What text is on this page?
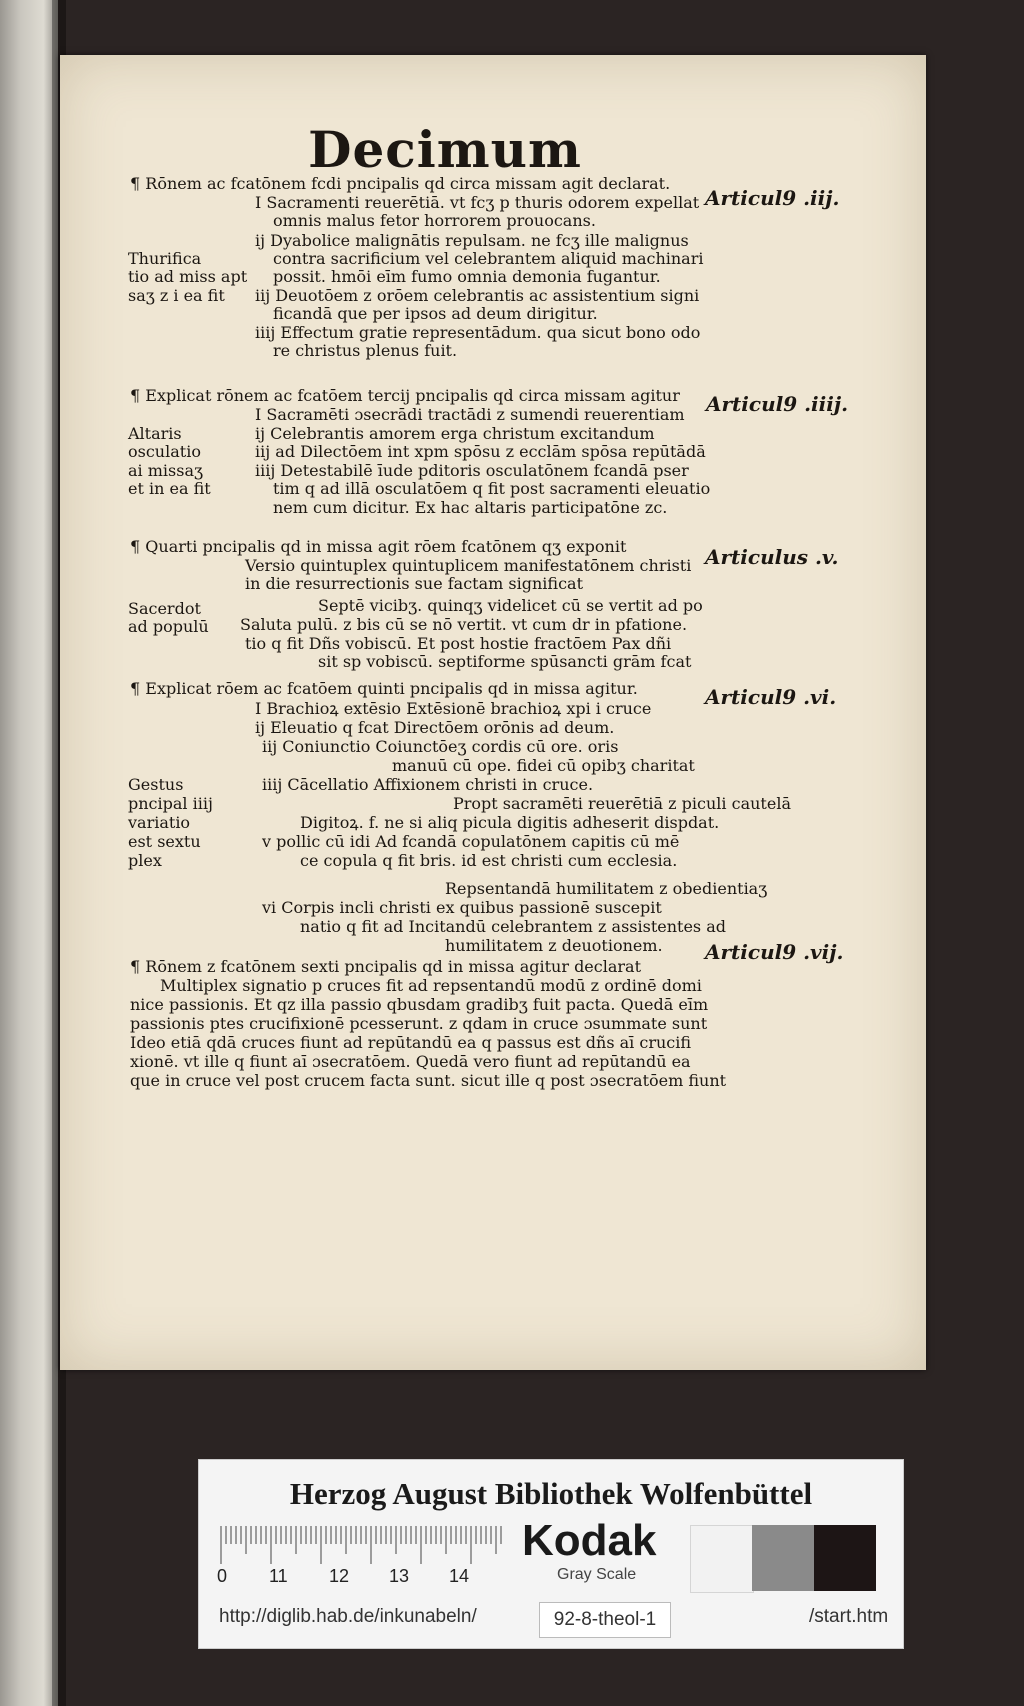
Decimum
¶ Rōnem ac fcatōnem fcdi pncipalis qd circa missam agit declarat.
I Sacramenti reuerētiā. vt fcʒ p thuris odorem expellat
omnis malus fetor horrorem prouocans.
ij Dyabolice malignātis repulsam. ne fcʒ ille malignus
contra sacrificium vel celebrantem aliquid machinari
possit. hmōi eīm fumo omnia demonia fugantur.
iij Deuotōem z orōem celebrantis ac assistentium signi
ficandā que per ipsos ad deum dirigitur.
iiij Effectum gratie representādum. qua sicut bono odo
re christus plenus fuit.
Thurifica
tio ad miss apt
saʒ z i ea fit
Articul9 .iij.
¶ Explicat rōnem ac fcatōem tercij pncipalis qd circa missam agitur
I Sacramēti ɔsecrādi tractādi z sumendi reuerentiam
ij Celebrantis amorem erga christum excitandum
iij ad Dilectōem int xpm spōsu z ecclām spōsa repūtādā
iiij Detestabilē īude pditoris osculatōnem fcandā pser
tim q ad illā osculatōem q fit post sacramenti eleuatio
nem cum dicitur. Ex hac altaris participatōne zc.
Altaris
osculatio
ai missaʒ
et in ea fit
Articul9 .iiij.
¶ Quarti pncipalis qd in missa agit rōem fcatōnem qʒ exponit
Versio quintuplex quintuplicem manifestatōnem christi
in die resurrectionis sue factam significat
Septē vicibʒ. quinqʒ videlicet cū se vertit ad po
Saluta pulū. z bis cū se nō vertit. vt cum dr in pfatione.
tio q fit Dñs vobiscū. Et post hostie fractōem Pax dñi
sit sp vobiscū. septiforme spūsancti grām fcat
Sacerdot
ad populū
Articulus .v.
¶ Explicat rōem ac fcatōem quinti pncipalis qd in missa agitur.
I Brachioꝝ extēsio Extēsionē brachioꝝ xpi i cruce
ij Eleuatio q fcat Directōem orōnis ad deum.
iij Coniunctio Coiunctōeʒ cordis cū ore. oris
manuū cū ope. fidei cū opibʒ charitat
iiij Cācellatio Affixionem christi in cruce.
Propt sacramēti reuerētiā z piculi cautelā
Digitoꝝ. f. ne si aliq picula digitis adheserit dispdat.
v pollic cū idi Ad fcandā copulatōnem capitis cū mē
ce copula q fit bris. id est christi cum ecclesia.
Repsentandā humilitatem z obedientiaʒ
vi Corpis incli christi ex quibus passionē suscepit
natio q fit ad Incitandū celebrantem z assistentes ad
humilitatem z deuotionem.
Gestus
pncipal iiij
variatio
est sextu
plex
Articul9 .vi.
¶ Rōnem z fcatōnem sexti pncipalis qd in missa agitur declarat
Multiplex signatio p cruces fit ad repsentandū modū z ordinē domi
nice passionis. Et qz illa passio qbusdam gradibʒ fuit pacta. Quedā eīm
passionis ptes crucifixionē pcesserunt. z qdam in cruce ɔsummate sunt
Ideo etiā qdā cruces fiunt ad repūtandū ea q passus est dñs aī crucifi
xionē. vt ille q fiunt aī ɔsecratōem. Quedā vero fiunt ad repūtandū ea
que in cruce vel post crucem facta sunt. sicut ille q post ɔsecratōem fiunt
Articul9 .vij.
Herzog August Bibliothek Wolfenbüttel
0 11 12 13 14
Kodak
Gray Scale
http://diglib.hab.de/inkunabeln/	92-8-theol-1	/start.htm
